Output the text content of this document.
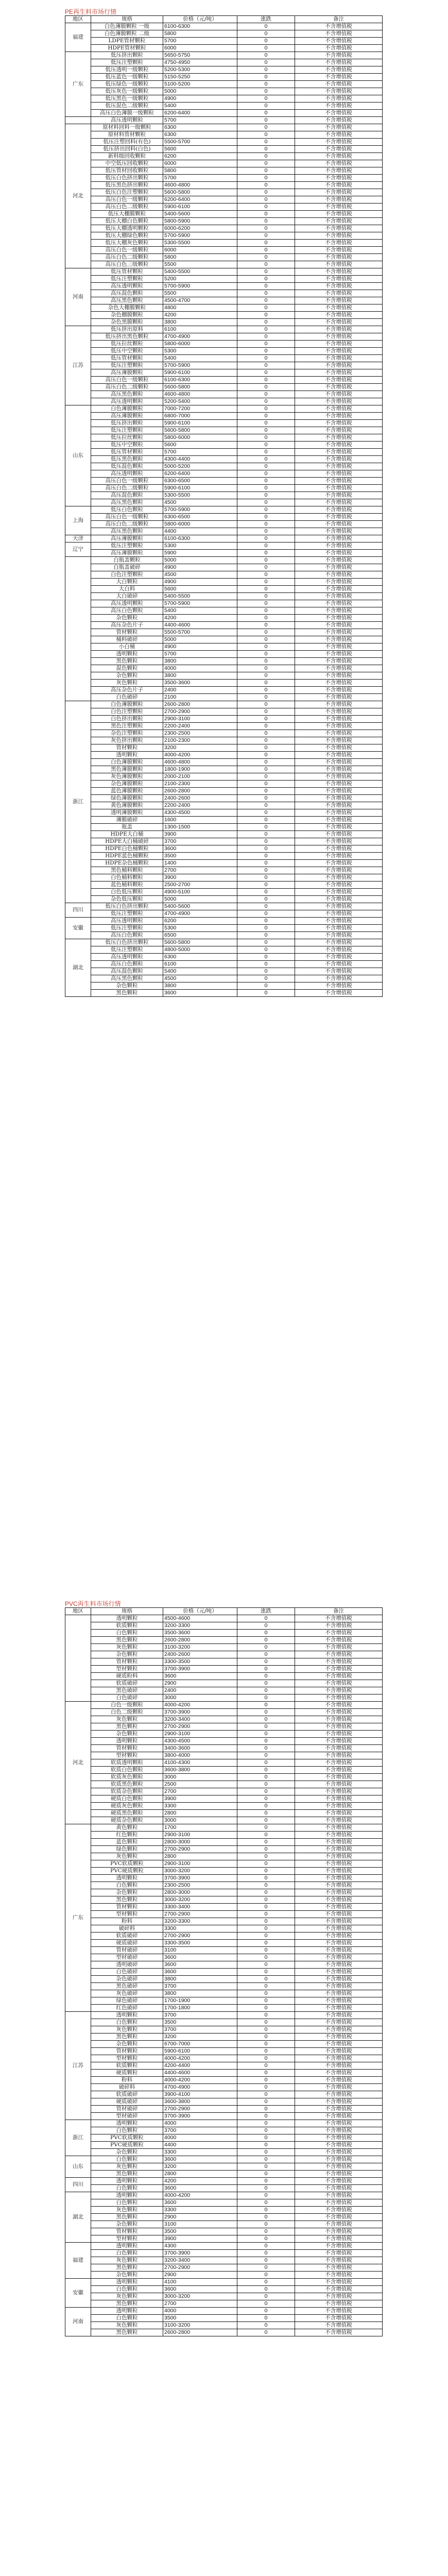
PE再生料市场行情
地区	规格	价格（元/吨）	涨跌	备注
福建	白色薄膜颗粒 一级	6100-6300	0	不含增值税
	白色薄膜颗粒 二级	5800	0	不含增值税
	LDPE管材颗粒	5700	0	不含增值税
	HDPE管材颗粒	6000	0	不含增值税
广东	低压挤出颗粒	5650-5750	0	不含增值税
	低压注塑颗粒	4750-4950	0	不含增值税
	低压透明一级颗粒	5200-5300	0	不含增值税
	低压蓝色一级颗粒	5150-5250	0	不含增值税
	低压绿色一级颗粒	5100-5200	0	不含增值税
	低压灰色一级颗粒	5000	0	不含增值税
	低压黑色一级颗粒	4900	0	不含增值税
	低压混色二级颗粒	5400	0	不含增值税
	高压白色薄膜一级颗粒	6200-6400	0	不含增值税
	高压透明颗粒	5700	0	不含增值税
河北	原材料回料一级颗粒	6300	0	不含增值税
	原材料管材颗粒	6300	0	不含增值税
	低压注塑回料(有色)	5500-5700	0	不含增值税
	低压挤出回料(白色)	5600	0	不含增值税
	新料级回收颗粒	6200	0	不含增值税
	中空低压回收颗粒	6000	0	不含增值税
	低压管材回收颗粒	5800	0	不含增值税
	低压白色挤出颗粒	5700	0	不含增值税
	低压黑色挤出颗粒	4600-4800	0	不含增值税
	低压白色注塑颗粒	5600-5800	0	不含增值税
	高压白色一级颗粒	6200-6400	0	不含增值税
	高压白色二级颗粒	5900-6100	0	不含增值税
	低压大棚膜颗粒	5400-5600	0	不含增值税
	低压大棚白色颗粒	5800-5900	0	不含增值税
	低压大棚透明颗粒	6000-6200	0	不含增值税
	低压大棚绿色颗粒	5700-5900	0	不含增值税
	低压大棚灰色颗粒	5300-5500	0	不含增值税
	高压白色一级颗粒	6000	0	不含增值税
	高压白色二级颗粒	5800	0	不含增值税
	高压白色三级颗粒	5500	0	不含增值税
河南	低压管材颗粒	5400-5500	0	不含增值税
	低压注塑颗粒	5200	0	不含增值税
	高压透明颗粒	5700-5900	0	不含增值税
	高压混色颗粒	5500	0	不含增值税
	高压黑色颗粒	4500-4700	0	不含增值税
	杂色大棚膜颗粒	4800	0	不含增值税
	杂色棚膜颗粒	4200	0	不含增值税
	杂色黑膜颗粒	3800	0	不含增值税
江苏	低压挤出原料	6100	0	不含增值税
	低压挤出黑色颗粒	4700-4900	0	不含增值税
	低压拉丝颗粒	5800-6000	0	不含增值税
	低压中空颗粒	5300	0	不含增值税
	低压管材颗粒	5400	0	不含增值税
	低压注塑颗粒	5700-5900	0	不含增值税
	高压薄膜颗粒	5900-6100	0	不含增值税
	高压白色一级颗粒	6100-6300	0	不含增值税
	高压白色二级颗粒	5600-5800	0	不含增值税
	高压黑色颗粒	4600-4800	0	不含增值税
	高压透明颗粒	5200-5400	0	不含增值税
山东	白色薄膜颗粒	7000-7200	0	不含增值税
	高压薄膜颗粒	6800-7000	0	不含增值税
	低压挤出颗粒	5900-6100	0	不含增值税
	低压注塑颗粒	5600-5800	0	不含增值税
	低压拉丝颗粒	5800-6000	0	不含增值税
	低压中空颗粒	5600	0	不含增值税
	低压管材颗粒	5700	0	不含增值税
	低压黑色颗粒	4300-4400	0	不含增值税
	低压混色颗粒	5000-5200	0	不含增值税
	高压透明颗粒	6200-6400	0	不含增值税
	高压白色一级颗粒	6300-6500	0	不含增值税
	高压白色二级颗粒	5900-6100	0	不含增值税
	高压混色颗粒	5300-5500	0	不含增值税
	高压黑色颗粒	4500	0	不含增值税
上海	低压白色颗粒	5700-5900	0	不含增值税
	高压白色一级颗粒	6300-6500	0	不含增值税
	高压白色二级颗粒	5800-6000	0	不含增值税
	高压黑色颗粒	4400	0	不含增值税
天津	高压薄膜颗粒	6100-6300	0	不含增值税
辽宁	低压注塑颗粒	5300	0	不含增值税
	高压薄膜颗粒	5900	0	不含增值税
	白瓶盖颗粒	5000	0	不含增值税
	白瓶盖破碎	4900	0	不含增值税
	白色注塑颗粒	4500	0	不含增值税
	大白颗粒	4900	0	不含增值税
	大白料	5600	0	不含增值税
	大白破碎	5400-5500	0	不含增值税
	高压透明颗粒	5700-5900	0	不含增值税
	高压白色颗粒	5400	0	不含增值税
	杂色颗粒	4200	0	不含增值税
	高压杂色片子	4400-4600	0	不含增值税
	管材颗粒	5500-5700	0	不含增值税
	桶料破碎	5000	0	不含增值税
	小白桶	4900	0	不含增值税
	透明颗粒	5700	0	不含增值税
	黑色颗粒	3800	0	不含增值税
	混色颗粒	4000	0	不含增值税
	杂色颗粒	3800	0	不含增值税
	灰色颗粒	3500-3600	0	不含增值税
	高压杂色片子	2400	0	不含增值税
	白色破碎	2100	0	不含增值税
浙江	白色薄膜颗粒	2600-2800	0	不含增值税
	白色注塑颗粒	2700-2900	0	不含增值税
	白色挤出颗粒	2900-3100	0	不含增值税
	黑色注塑颗粒	2200-2400	0	不含增值税
	杂色注塑颗粒	2300-2500	0	不含增值税
	灰色挤出颗粒	2100-2300	0	不含增值税
	管材颗粒	3200	0	不含增值税
	透明颗粒	4000-4200	0	不含增值税
	白色薄膜颗粒	4600-4800	0	不含增值税
	黑色薄膜颗粒	1800-1900	0	不含增值税
	灰色薄膜颗粒	2000-2100	0	不含增值税
	杂色薄膜颗粒	2100-2300	0	不含增值税
	蓝色薄膜颗粒	2600-2800	0	不含增值税
	绿色薄膜颗粒	2400-2600	0	不含增值税
	黄色薄膜颗粒	2200-2400	0	不含增值税
	透明薄膜颗粒	4300-4500	0	不含增值税
	薄膜破碎	1600	0	不含增值税
	瓶盖	1300-1500	0	不含增值税
	HDPE大白桶	3900	0	不含增值税
	HDPE大白桶破碎	3700	0	不含增值税
	HDPE白色桶颗粒	3600	0	不含增值税
	HDPE蓝色桶颗粒	3500	0	不含增值税
	HDPE杂色桶颗粒	1400	0	不含增值税
	黑色桶料颗粒	2700	0	不含增值税
	白色桶料颗粒	3900	0	不含增值税
	蓝色桶料颗粒	2500-2700	0	不含增值税
	白色低压颗粒	4900-5100	0	不含增值税
	杂色低压颗粒	5000	0	不含增值税
四川	低压白色挤出颗粒	5400-5600	0	不含增值税
	低压注塑颗粒	4700-4900	0	不含增值税
安徽	高压透明颗粒	6200	0	不含增值税
	低压注塑颗粒	5300	0	不含增值税
	高压白色颗粒	6500	0	不含增值税
湖北	低压白色挤出颗粒	5600-5800	0	不含增值税
	低压注塑颗粒	4800-5000	0	不含增值税
	高压透明颗粒	6300	0	不含增值税
	高压白色颗粒	6100	0	不含增值税
	高压混色颗粒	5400	0	不含增值税
	高压黑色颗粒	4500	0	不含增值税
	杂色颗粒	3800	0	不含增值税
	黑色颗粒	3600	0	不含增值税
PVC再生料市场行情
地区	规格	价格（元/吨）	涨跌	备注
	透明颗粒	4500-4600	0	不含增值税
	软质颗粒	3200-3300	0	不含增值税
	白色颗粒	3500-3600	0	不含增值税
	黑色颗粒	2600-2800	0	不含增值税
	灰色颗粒	3100-3200	0	不含增值税
	杂色颗粒	2400-2600	0	不含增值税
	管材颗粒	3300-3500	0	不含增值税
	型材颗粒	3700-3900	0	不含增值税
	硬质粉料	3600	0	不含增值税
	软质破碎	2900	0	不含增值税
	黑色破碎	2400	0	不含增值税
	白色破碎	3000	0	不含增值税
河北	白色一级颗粒	4000-4200	0	不含增值税
	白色二级颗粒	3700-3900	0	不含增值税
	灰色颗粒	3200-3400	0	不含增值税
	黑色颗粒	2700-2900	0	不含增值税
	杂色颗粒	2900-3100	0	不含增值税
	透明颗粒	4300-4500	0	不含增值税
	管材颗粒	3400-3600	0	不含增值税
	型材颗粒	3800-4000	0	不含增值税
	软质透明颗粒	4100-4300	0	不含增值税
	软质白色颗粒	3600-3800	0	不含增值税
	软质灰色颗粒	3000	0	不含增值税
	软质黑色颗粒	2500	0	不含增值税
	软质杂色颗粒	2700	0	不含增值税
	硬质白色颗粒	3900	0	不含增值税
	硬质灰色颗粒	3300	0	不含增值税
	硬质黑色颗粒	2800	0	不含增值税
	硬质杂色颗粒	3000	0	不含增值税
广东	黄色颗粒	1700	0	不含增值税
	红色颗粒	2900-3100	0	不含增值税
	蓝色颗粒	2800-3000	0	不含增值税
	绿色颗粒	2700-2900	0	不含增值税
	灰色颗粒	2800	0	不含增值税
	PVC软质颗粒	2900-3100	0	不含增值税
	PVC硬质颗粒	3000-3200	0	不含增值税
	透明颗粒	3700-3900	0	不含增值税
	白色颗粒	2300-2500	0	不含增值税
	杂色颗粒	2800-3000	0	不含增值税
	黑色颗粒	3000-3200	0	不含增值税
	管材颗粒	3300-3400	0	不含增值税
	型材颗粒	2700-2900	0	不含增值税
	粉料	3200-3300	0	不含增值税
	破碎料	3300	0	不含增值税
	软质破碎	2700-2900	0	不含增值税
	硬质破碎	3300-3500	0	不含增值税
	管材破碎	3100	0	不含增值税
	型材破碎	3600	0	不含增值税
	透明破碎	3600	0	不含增值税
	白色破碎	3600	0	不含增值税
	杂色破碎	3800	0	不含增值税
	黑色破碎	3700	0	不含增值税
	灰色破碎	3800	0	不含增值税
	绿色破碎	1700-1900	0	不含增值税
	红色破碎	1700-1800	0	不含增值税
江苏	透明颗粒	3700	0	不含增值税
	白色颗粒	3500	0	不含增值税
	灰色颗粒	3700	0	不含增值税
	黑色颗粒	3200	0	不含增值税
	杂色颗粒	6700-7000	0	不含增值税
	管材颗粒	5900-6100	0	不含增值税
	型材颗粒	4000-4200	0	不含增值税
	软质颗粒	4200-4400	0	不含增值税
	硬质颗粒	4400-4600	0	不含增值税
	粉料	4000-4200	0	不含增值税
	破碎料	4700-4900	0	不含增值税
	软质破碎	3900-4100	0	不含增值税
	硬质破碎	3600-3800	0	不含增值税
	管材破碎	2700-2900	0	不含增值税
	型材破碎	3700-3900	0	不含增值税
浙江	透明颗粒	4000	0	不含增值税
	白色颗粒	3700	0	不含增值税
	PVC软质颗粒	4000	0	不含增值税
	PVC硬质颗粒	4400	0	不含增值税
	杂色颗粒	3300	0	不含增值税
山东	白色颗粒	3600	0	不含增值税
	灰色颗粒	3200	0	不含增值税
	黑色颗粒	2800	0	不含增值税
四川	透明颗粒	4200	0	不含增值税
	白色颗粒	3600	0	不含增值税
湖北	透明颗粒	4000-4200	0	不含增值税
	白色颗粒	3600	0	不含增值税
	灰色颗粒	3300	0	不含增值税
	黑色颗粒	2900	0	不含增值税
	杂色颗粒	3100	0	不含增值税
	管材颗粒	3500	0	不含增值税
	型材颗粒	3900	0	不含增值税
福建	透明颗粒	4300	0	不含增值税
	白色颗粒	3700-3900	0	不含增值税
	灰色颗粒	3200-3400	0	不含增值税
	黑色颗粒	2700-2900	0	不含增值税
	杂色颗粒	2900	0	不含增值税
安徽	透明颗粒	4100	0	不含增值税
	白色颗粒	3600	0	不含增值税
	灰色颗粒	3000-3200	0	不含增值税
	黑色颗粒	2700	0	不含增值税
河南	透明颗粒	4000	0	不含增值税
	白色颗粒	3500	0	不含增值税
	灰色颗粒	3100-3200	0	不含增值税
	黑色颗粒	2600-2800	0	不含增值税
